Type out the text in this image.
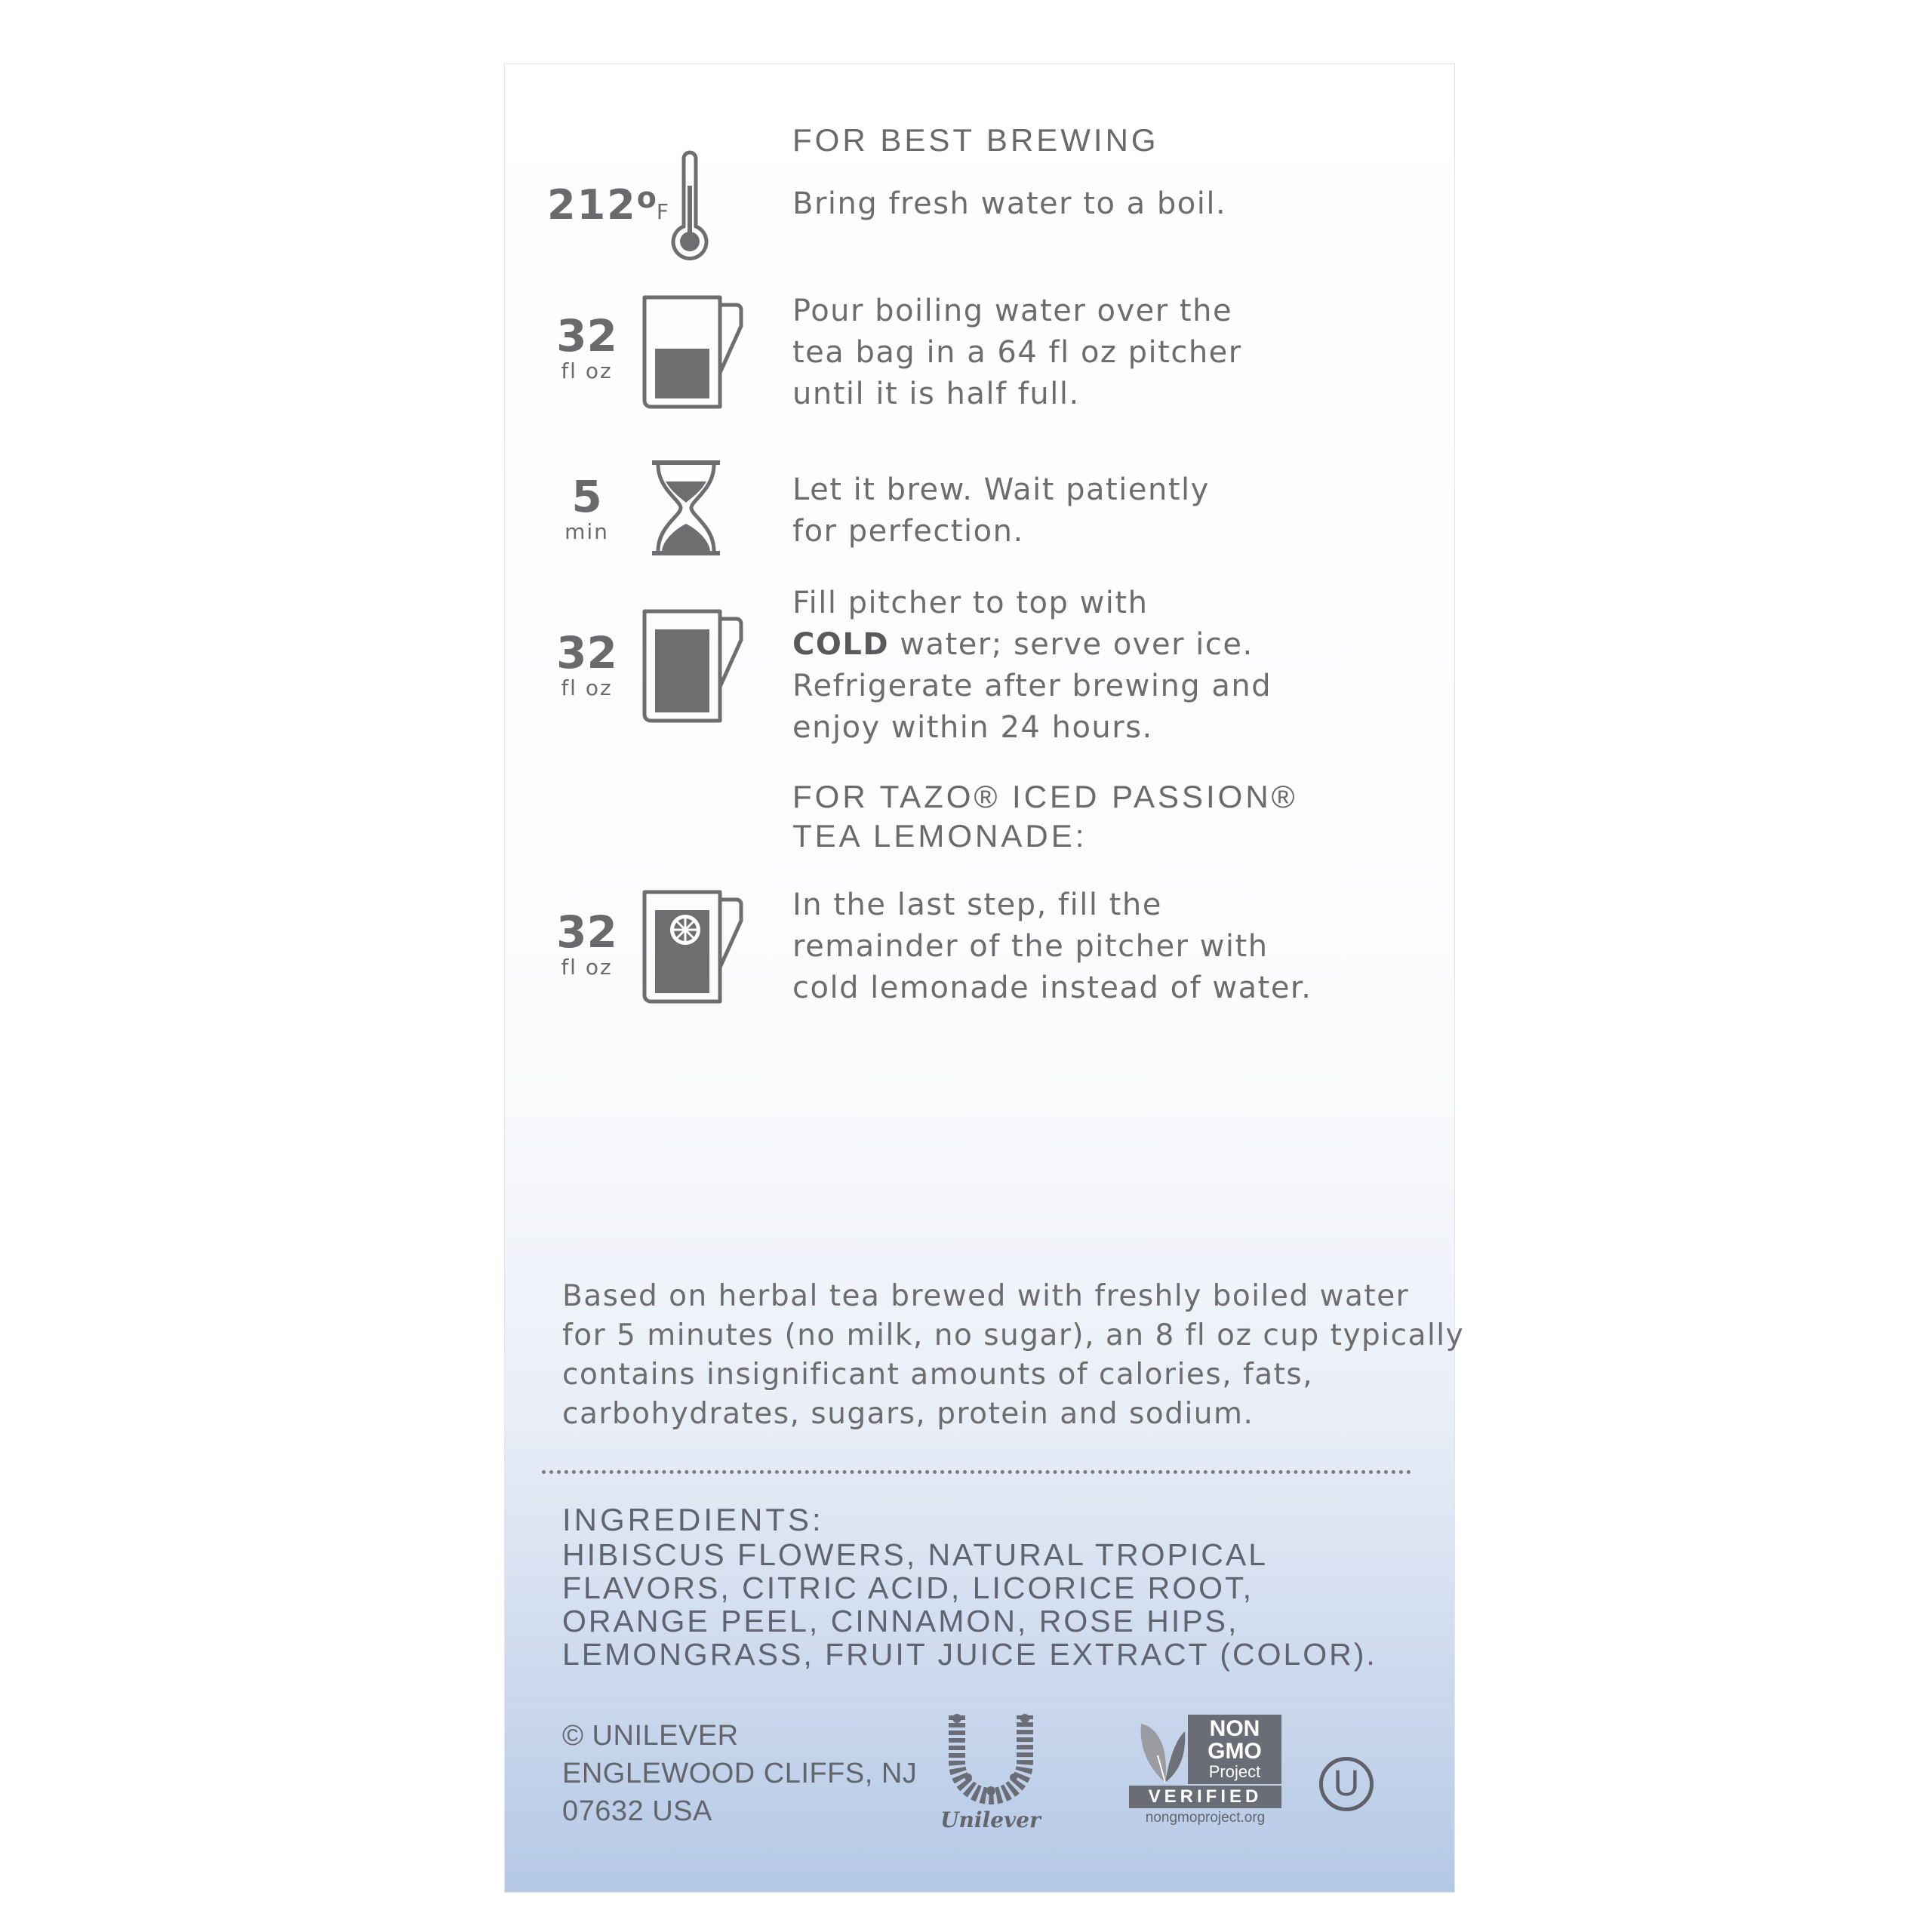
FOR BEST BREWING
212oF	Bring fresh water to a boil.
32
fl oz
Pour boiling water over the
tea bag in a 64 fl oz pitcher
until it is half full.
5
min
Let it brew. Wait patiently
for perfection.
32
fl oz
Fill pitcher to top with
COLD water; serve over ice.
Refrigerate after brewing and
enjoy within 24 hours.
FOR TAZO® ICED PASSION®
TEA LEMONADE:
32
fl oz
In the last step, fill the
remainder of the pitcher with
cold lemonade instead of water.
Based on herbal tea brewed with freshly boiled water
for 5 minutes (no milk, no sugar), an 8 fl oz cup typically
contains insignificant amounts of calories, fats,
carbohydrates, sugars, protein and sodium.
INGREDIENTS:
HIBISCUS FLOWERS, NATURAL TROPICAL
FLAVORS, CITRIC ACID, LICORICE ROOT,
ORANGE PEEL, CINNAMON, ROSE HIPS,
LEMONGRASS, FRUIT JUICE EXTRACT (COLOR).
© UNILEVER
ENGLEWOOD CLIFFS, NJ
07632 USA	Unilever
NON
GMO
Project
VERIFIED
nongmoproject.org
U
